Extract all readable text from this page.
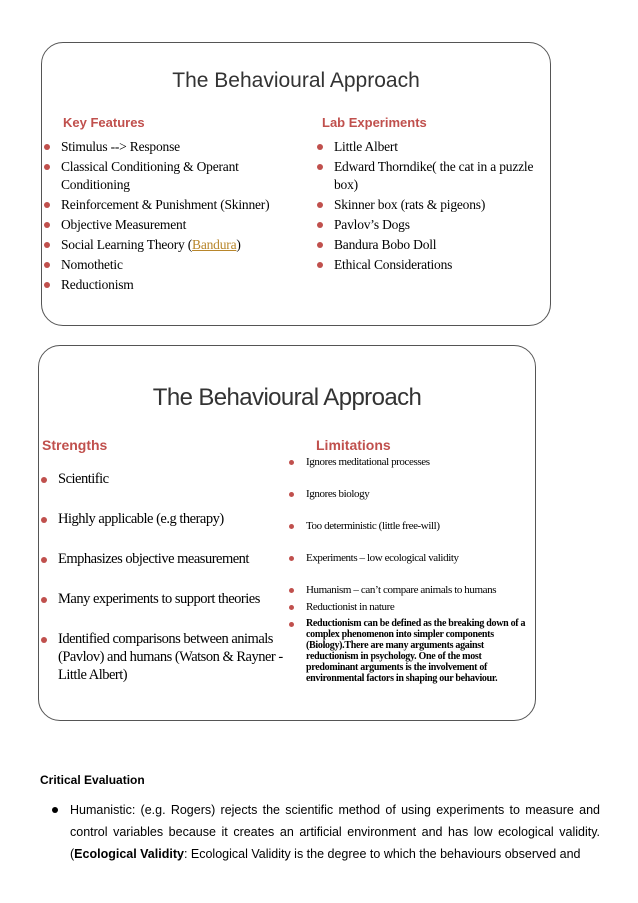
The Behavioural Approach
Key Features	Lab Experiments
Stimulus --> Response
Classical Conditioning & Operant Conditioning
Reinforcement & Punishment (Skinner)
Objective Measurement
Social Learning Theory (Bandura)
Nomothetic
Reductionism
Little Albert
Edward Thorndike( the cat in a puzzle box)
Skinner box (rats & pigeons)
Pavlov’s Dogs
Bandura Bobo Doll
Ethical Considerations
The Behavioural Approach
Strengths	Limitations
Scientific
Highly applicable (e.g therapy)
Emphasizes objective measurement
Many experiments to support theories
Identified comparisons between animals (Pavlov) and humans (Watson & Rayner - Little Albert)
Ignores meditational processes
Ignores biology
Too deterministic (little free-will)
Experiments – low ecological validity
Humanism – can’t compare animals to humans
Reductionist in nature
Reductionism can be defined as the breaking down of a complex phenomenon into simpler components (Biology).There are many arguments against reductionism in psychology. One of the most predominant arguments is the involvement of environmental factors in shaping our behaviour.
Critical Evaluation
Humanistic: (e.g. Rogers) rejects the scientific method of using experiments to measure and control variables because it creates an artificial environment and has low ecological validity. (Ecological Validity: Ecological Validity is the degree to which the behaviours observed and
